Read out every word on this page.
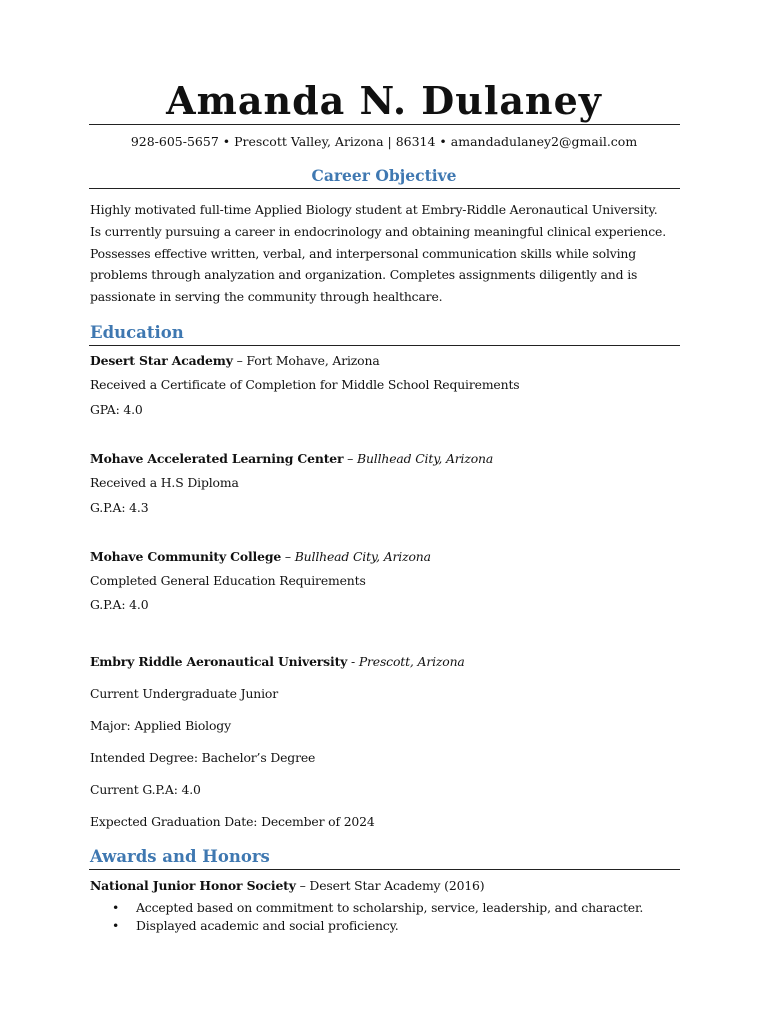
Amanda N. Dulaney
928-605-5657 • Prescott Valley, Arizona | 86314 • amandadulaney2@gmail.com
Career Objective
Highly motivated full-time Applied Biology student at Embry-Riddle Aeronautical University. Is currently pursuing a career in endocrinology and obtaining meaningful clinical experience. Possesses effective written, verbal, and interpersonal communication skills while solving problems through analyzation and organization. Completes assignments diligently and is passionate in serving the community through healthcare.
Education
Desert Star Academy – Fort Mohave, Arizona
Received a Certificate of Completion for Middle School Requirements
GPA: 4.0
Mohave Accelerated Learning Center – Bullhead City, Arizona
Received a H.S Diploma
G.P.A: 4.3
Mohave Community College – Bullhead City, Arizona
Completed General Education Requirements
G.P.A: 4.0
Embry Riddle Aeronautical University - Prescott, Arizona
Current Undergraduate Junior
Major: Applied Biology
Intended Degree: Bachelor’s Degree
Current G.P.A: 4.0
Expected Graduation Date: December of 2024
Awards and Honors
National Junior Honor Society – Desert Star Academy (2016)
• Accepted based on commitment to scholarship, service, leadership, and character.
• Displayed academic and social proficiency.
